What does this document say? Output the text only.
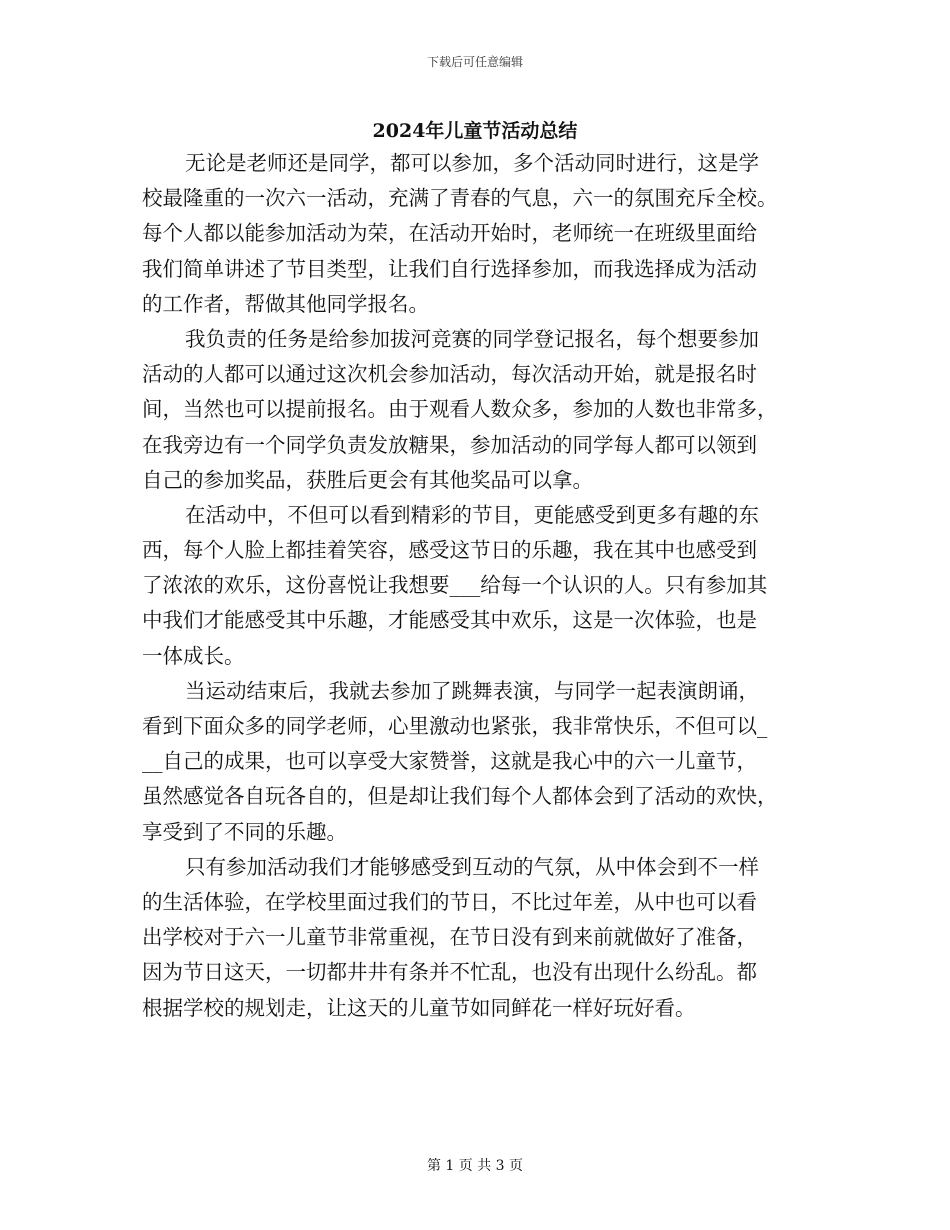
下载后可任意编辑
2024年儿童节活动总结
无论是老师还是同学，都可以参加，多个活动同时进行，这是学
校最隆重的一次六一活动，充满了青春的气息，六一的氛围充斥全校。
每个人都以能参加活动为荣，在活动开始时，老师统一在班级里面给
我们简单讲述了节目类型，让我们自行选择参加，而我选择成为活动
的工作者，帮做其他同学报名。
我负责的任务是给参加拔河竞赛的同学登记报名，每个想要参加
活动的人都可以通过这次机会参加活动，每次活动开始，就是报名时
间，当然也可以提前报名。由于观看人数众多，参加的人数也非常多，
在我旁边有一个同学负责发放糖果，参加活动的同学每人都可以领到
自己的参加奖品，获胜后更会有其他奖品可以拿。
在活动中，不但可以看到精彩的节目，更能感受到更多有趣的东
西，每个人脸上都挂着笑容，感受这节日的乐趣，我在其中也感受到
了浓浓的欢乐，这份喜悦让我想要___给每一个认识的人。只有参加其
中我们才能感受其中乐趣，才能感受其中欢乐，这是一次体验，也是
一体成长。
当运动结束后，我就去参加了跳舞表演，与同学一起表演朗诵，
看到下面众多的同学老师，心里激动也紧张，我非常快乐，不但可以_
__自己的成果，也可以享受大家赞誉，这就是我心中的六一儿童节，
虽然感觉各自玩各自的，但是却让我们每个人都体会到了活动的欢快，
享受到了不同的乐趣。
只有参加活动我们才能够感受到互动的气氛，从中体会到不一样
的生活体验，在学校里面过我们的节日，不比过年差，从中也可以看
出学校对于六一儿童节非常重视，在节日没有到来前就做好了准备，
因为节日这天，一切都井井有条并不忙乱，也没有出现什么纷乱。都
根据学校的规划走，让这天的儿童节如同鲜花一样好玩好看。
第 1 页 共 3 页
